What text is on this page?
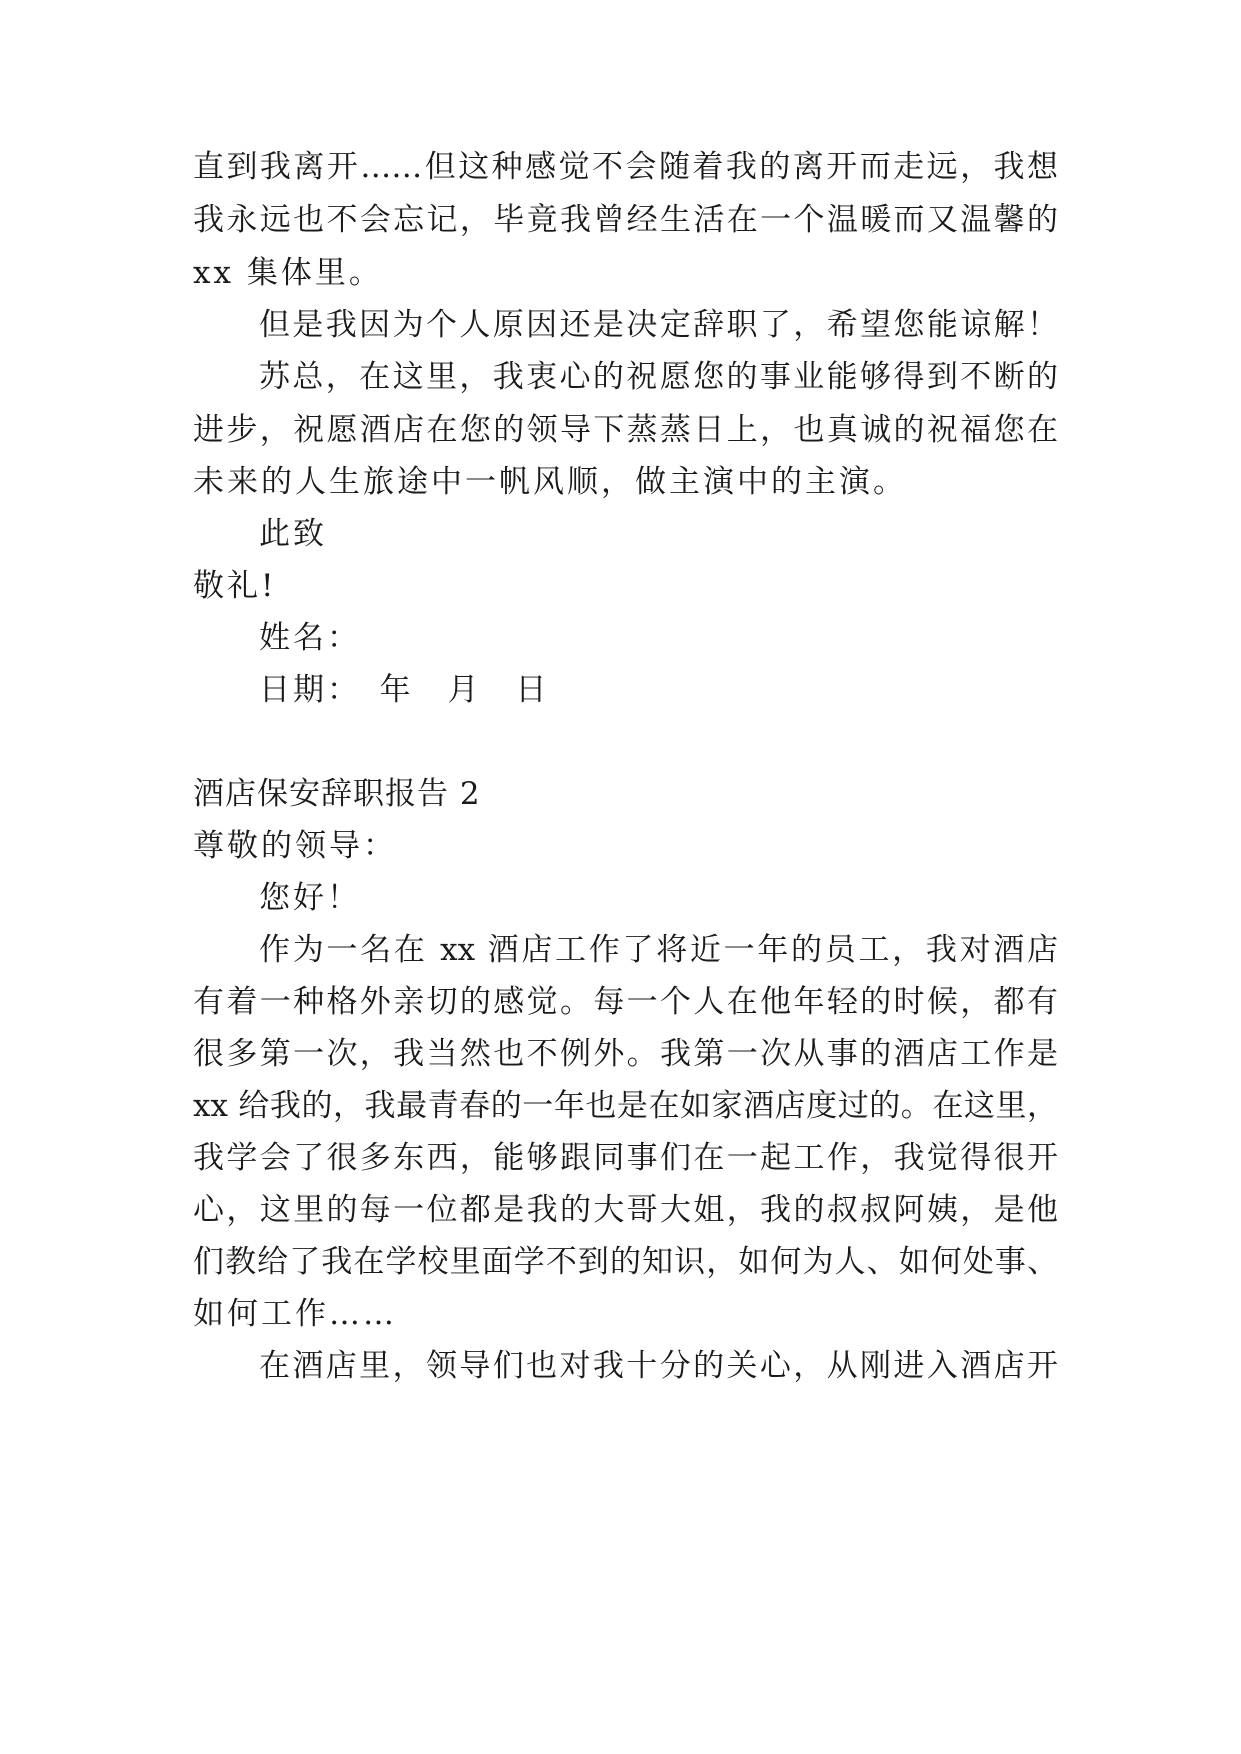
直到我离开……但这种感觉不会随着我的离开而走远，我想
我永远也不会忘记，毕竟我曾经生活在一个温暖而又温馨的
xx 集体里。
但是我因为个人原因还是决定辞职了，希望您能谅解！
苏总，在这里，我衷心的祝愿您的事业能够得到不断的
进步，祝愿酒店在您的领导下蒸蒸日上，也真诚的祝福您在
未来的人生旅途中一帆风顺，做主演中的主演。
此致
敬礼!
姓名：
日期：　年　月　日
酒店保安辞职报告 2
尊敬的领导：
您好！
作为一名在 xx 酒店工作了将近一年的员工，我对酒店
有着一种格外亲切的感觉。每一个人在他年轻的时候，都有
很多第一次，我当然也不例外。我第一次从事的酒店工作是
xx 给我的，我最青春的一年也是在如家酒店度过的。在这里，
我学会了很多东西，能够跟同事们在一起工作，我觉得很开
心，这里的每一位都是我的大哥大姐，我的叔叔阿姨，是他
们教给了我在学校里面学不到的知识，如何为人、如何处事、
如何工作……
在酒店里，领导们也对我十分的关心，从刚进入酒店开
